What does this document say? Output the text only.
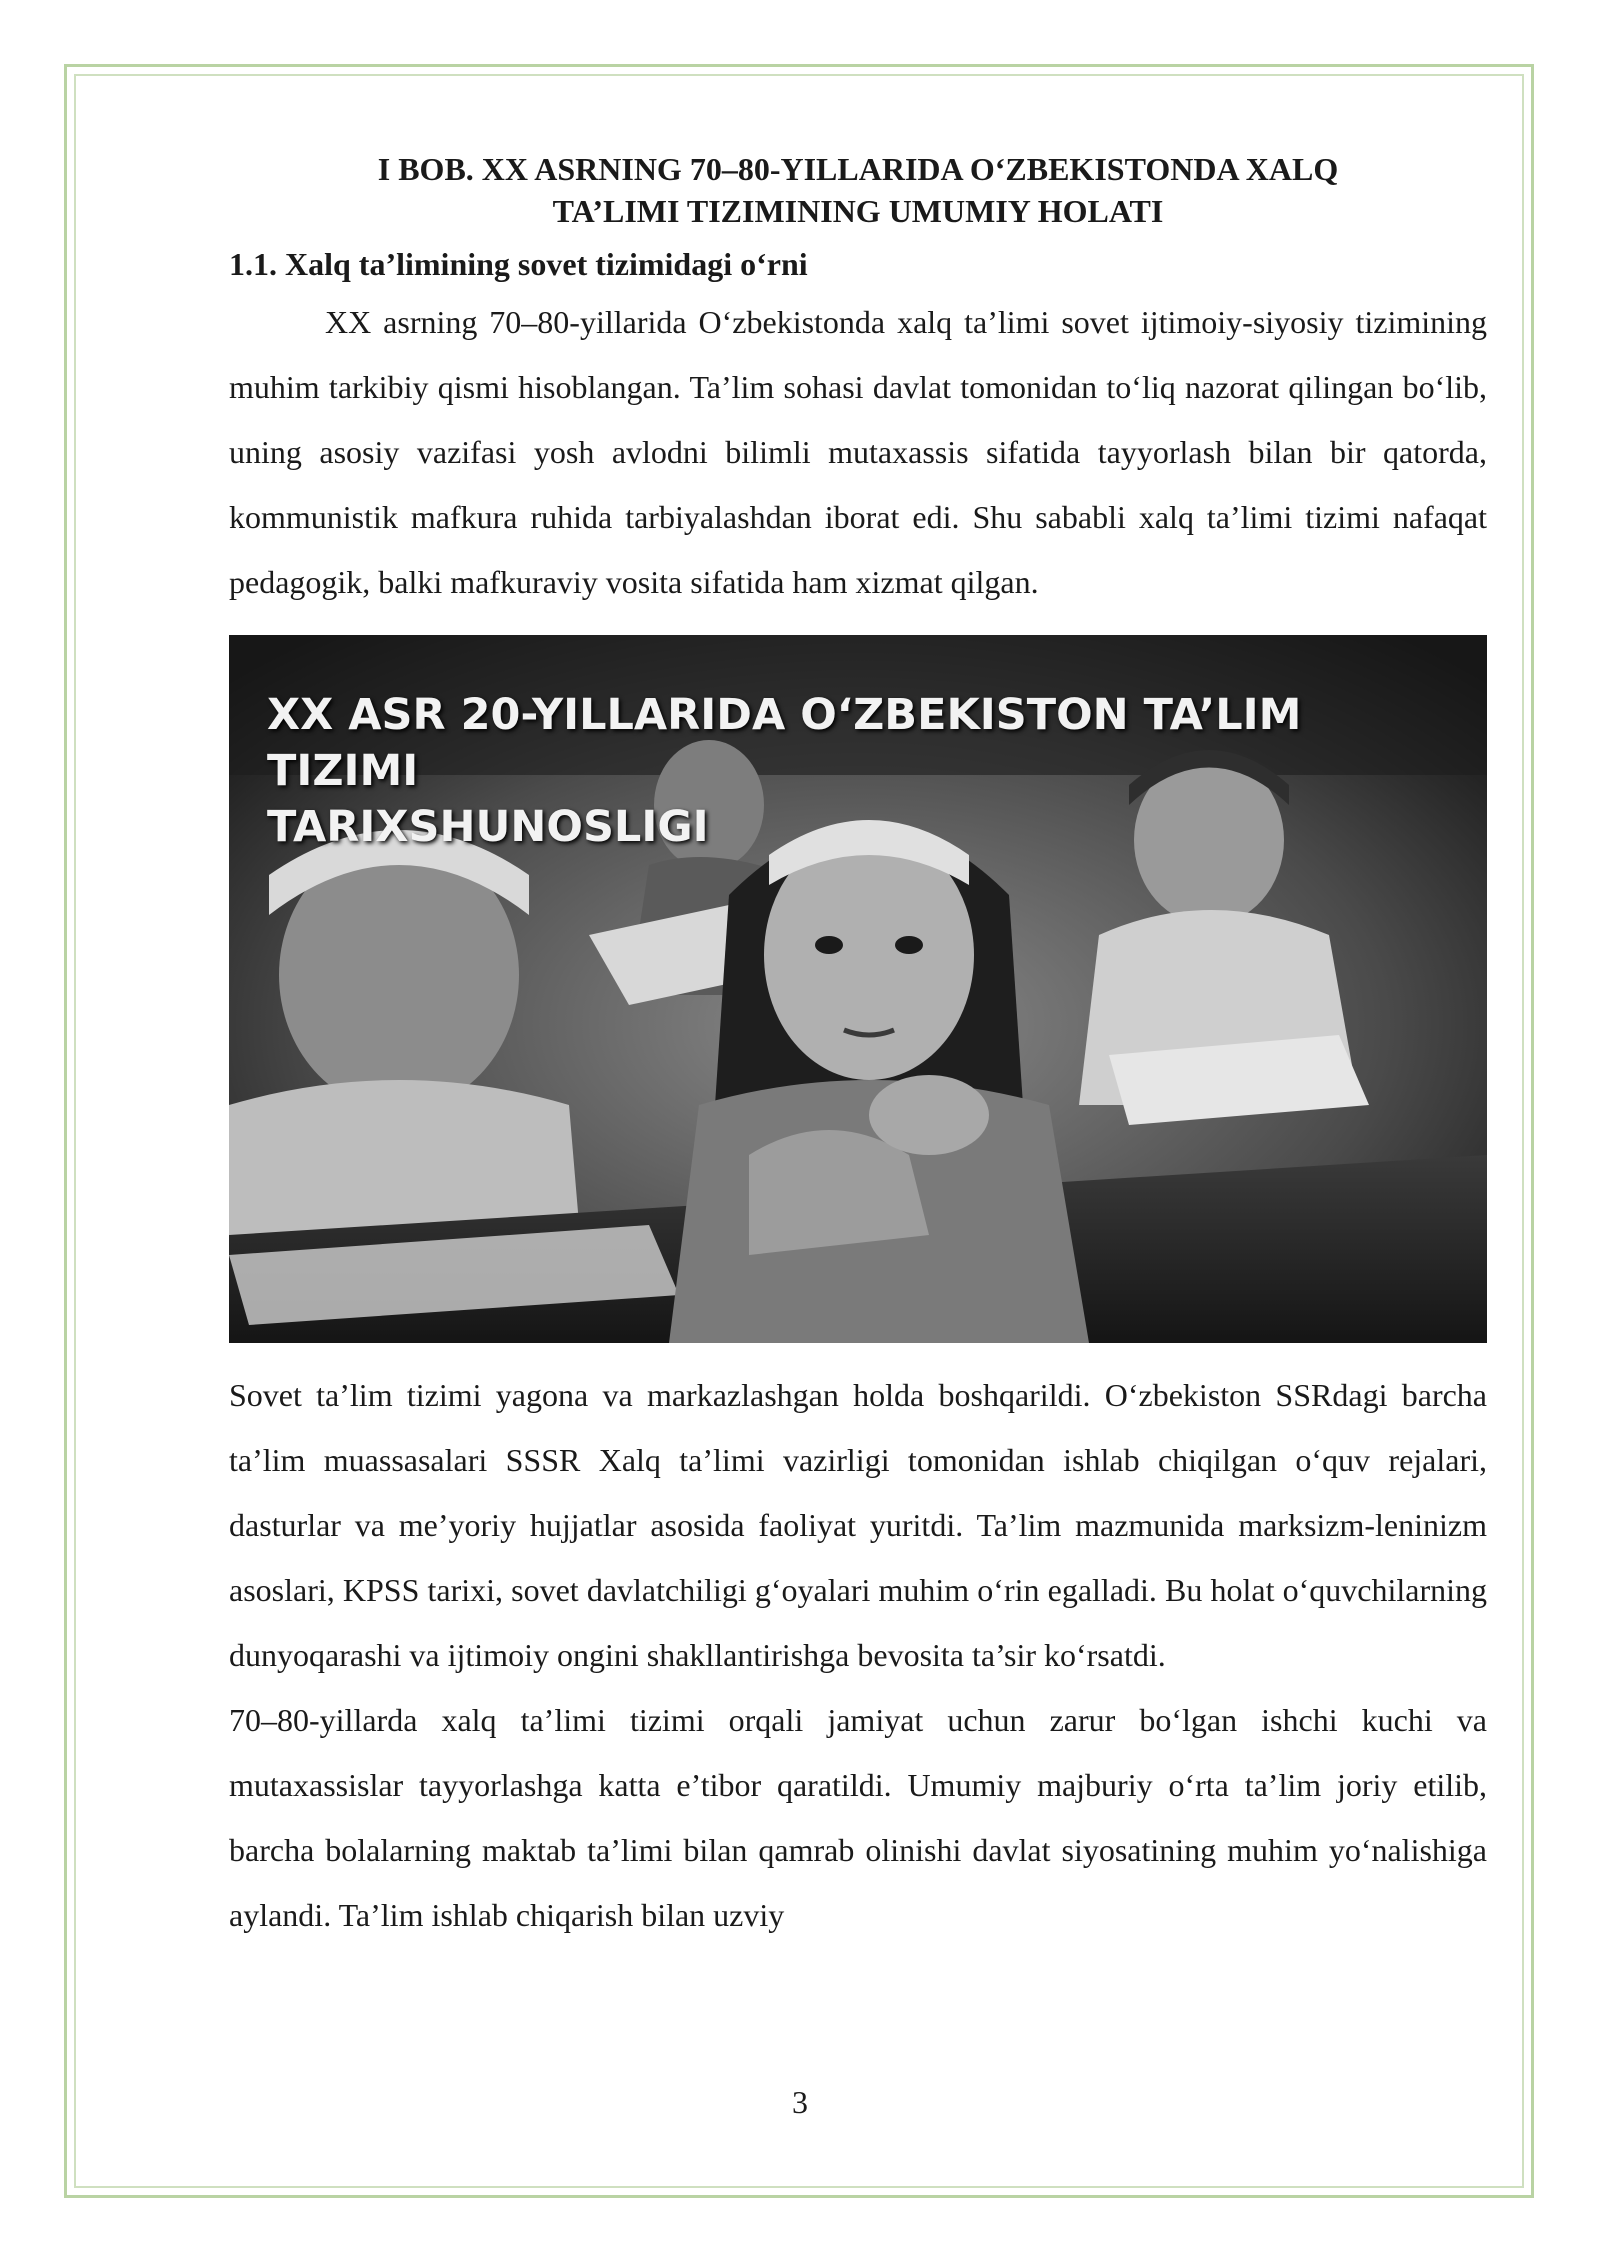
I BOB. XX ASRNING 70–80-YILLARIDA O‘ZBEKISTONDA XALQ
TA’LIMI TIZIMINING UMUMIY HOLATI
1.1. Xalq ta’limining sovet tizimidagi o‘rni

XX asrning 70–80-yillarida O‘zbekistonda xalq ta’limi sovet ijtimoiy-siyosiy tizimining muhim tarkibiy qismi hisoblangan. Ta’lim sohasi davlat tomonidan to‘liq nazorat qilingan bo‘lib, uning asosiy vazifasi yosh avlodni bilimli mutaxassis sifatida tayyorlash bilan bir qatorda, kommunistik mafkura ruhida tarbiyalashdan iborat edi. Shu sababli xalq ta’limi tizimi nafaqat pedagogik, balki mafkuraviy vosita sifatida ham xizmat qilgan.

XX ASR 20-YILLARIDA O‘ZBEKISTON TA’LIM TIZIMI
TARIXSHUNOSLIGI

Sovet ta’lim tizimi yagona va markazlashgan holda boshqarildi. O‘zbekiston SSRdagi barcha ta’lim muassasalari SSSR Xalq ta’limi vazirligi tomonidan ishlab chiqilgan o‘quv rejalari, dasturlar va me’yoriy hujjatlar asosida faoliyat yuritdi. Ta’lim mazmunida marksizm-leninizm asoslari, KPSS tarixi, sovet davlatchiligi g‘oyalari muhim o‘rin egalladi. Bu holat o‘quvchilarning dunyoqarashi va ijtimoiy ongini shakllantirishga bevosita ta’sir ko‘rsatdi.

70–80-yillarda xalq ta’limi tizimi orqali jamiyat uchun zarur bo‘lgan ishchi kuchi va mutaxassislar tayyorlashga katta e’tibor qaratildi. Umumiy majburiy o‘rta ta’lim joriy etilib, barcha bolalarning maktab ta’limi bilan qamrab olinishi davlat siyosatining muhim yo‘nalishiga aylandi. Ta’lim ishlab chiqarish bilan uzviy

3
